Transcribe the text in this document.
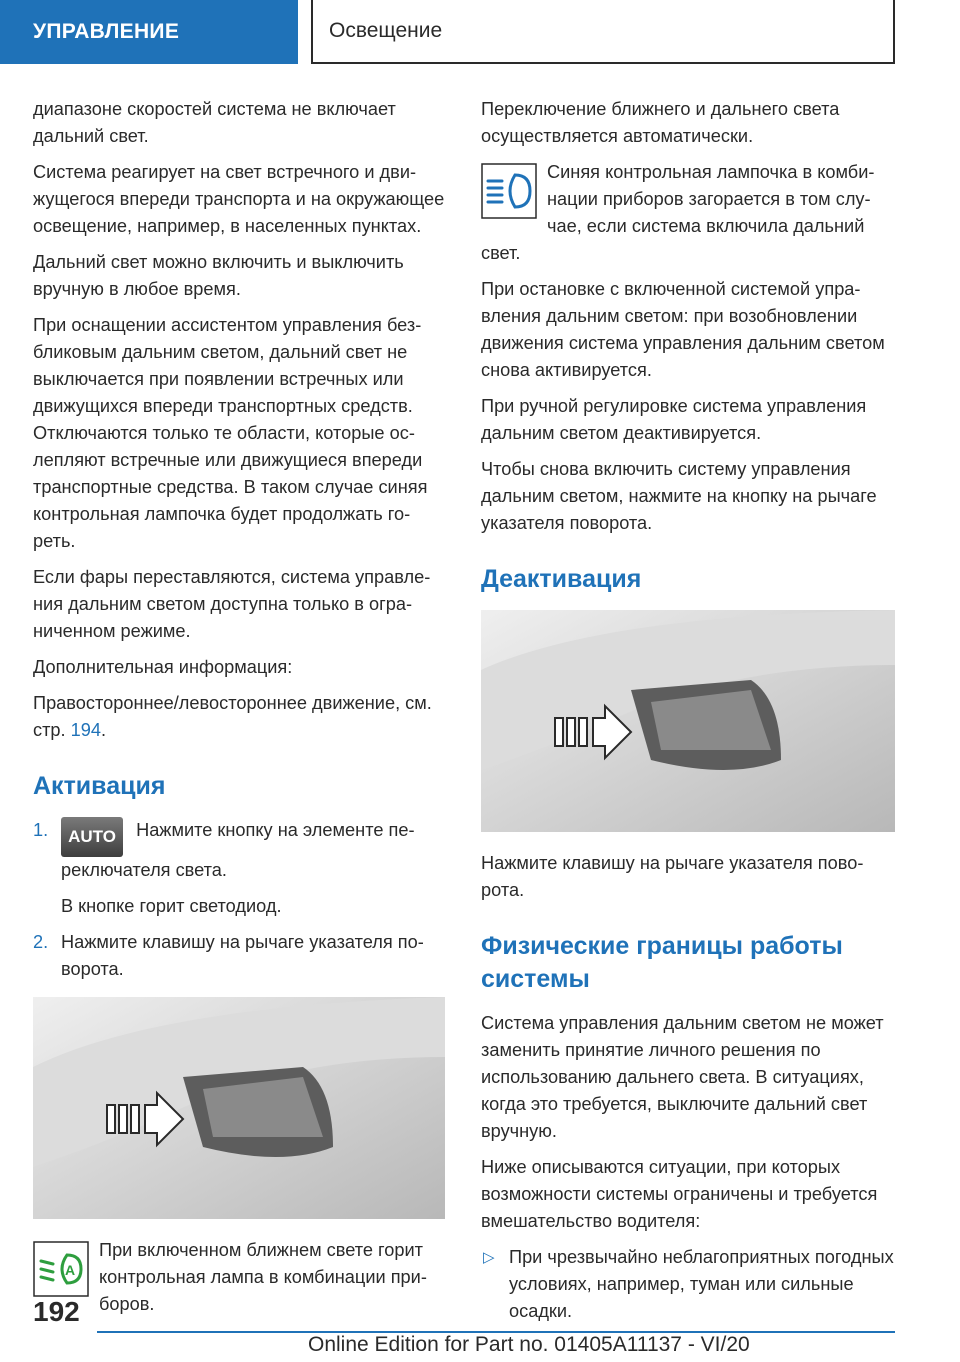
УПРАВЛЕНИЕ	Освещение

диапазоне скоростей система не включает дальний свет.

Система реагирует на свет встречного и движущегося впереди транспорта и на окружающее освещение, например, в населенных пунктах.

Дальний свет можно включить и выключить вручную в любое время.

При оснащении ассистентом управления безбликовым дальним светом, дальний свет не выключается при появлении встречных или движущихся впереди транспортных средств. Отключаются только те области, которые ослепляют встречные или движущиеся впереди транспортные средства. В таком случае синяя контрольная лампочка будет продолжать гореть.

Если фары переставляются, система управления дальним светом доступна только в ограниченном режиме.

Дополнительная информация:

Правостороннее/левостороннее движение, см. стр. 194.

Активация
1. AUTO Нажмите кнопку на элементе переключателя света.
В кнопке горит светодиод.
2. Нажмите клавишу на рычаге указателя поворота.
A
При включенном ближнем свете горит контрольная лампа в комбинации приборов.

Переключение ближнего и дальнего света осуществляется автоматически.

Синяя контрольная лампочка в комбинации приборов загорается в том случае, если система включила дальний свет.

При остановке с включенной системой управления дальним светом: при возобновлении движения система управления дальним светом снова активируется.

При ручной регулировке система управления дальним светом деактивируется.

Чтобы снова включить систему управления дальним светом, нажмите на кнопку на рычаге указателя поворота.

Деактивация

Нажмите клавишу на рычаге указателя поворота.

Физические границы работы системы

Система управления дальним светом не может заменить принятие личного решения по использованию дальнего света. В ситуациях, когда это требуется, выключите дальний свет вручную.

Ниже описываются ситуации, при которых возможности системы ограничены и требуется вмешательство водителя:

▷ При чрезвычайно неблагоприятных погодных условиях, например, туман или сильные осадки.
192
Online Edition for Part no. 01405A11137 - VI/20
